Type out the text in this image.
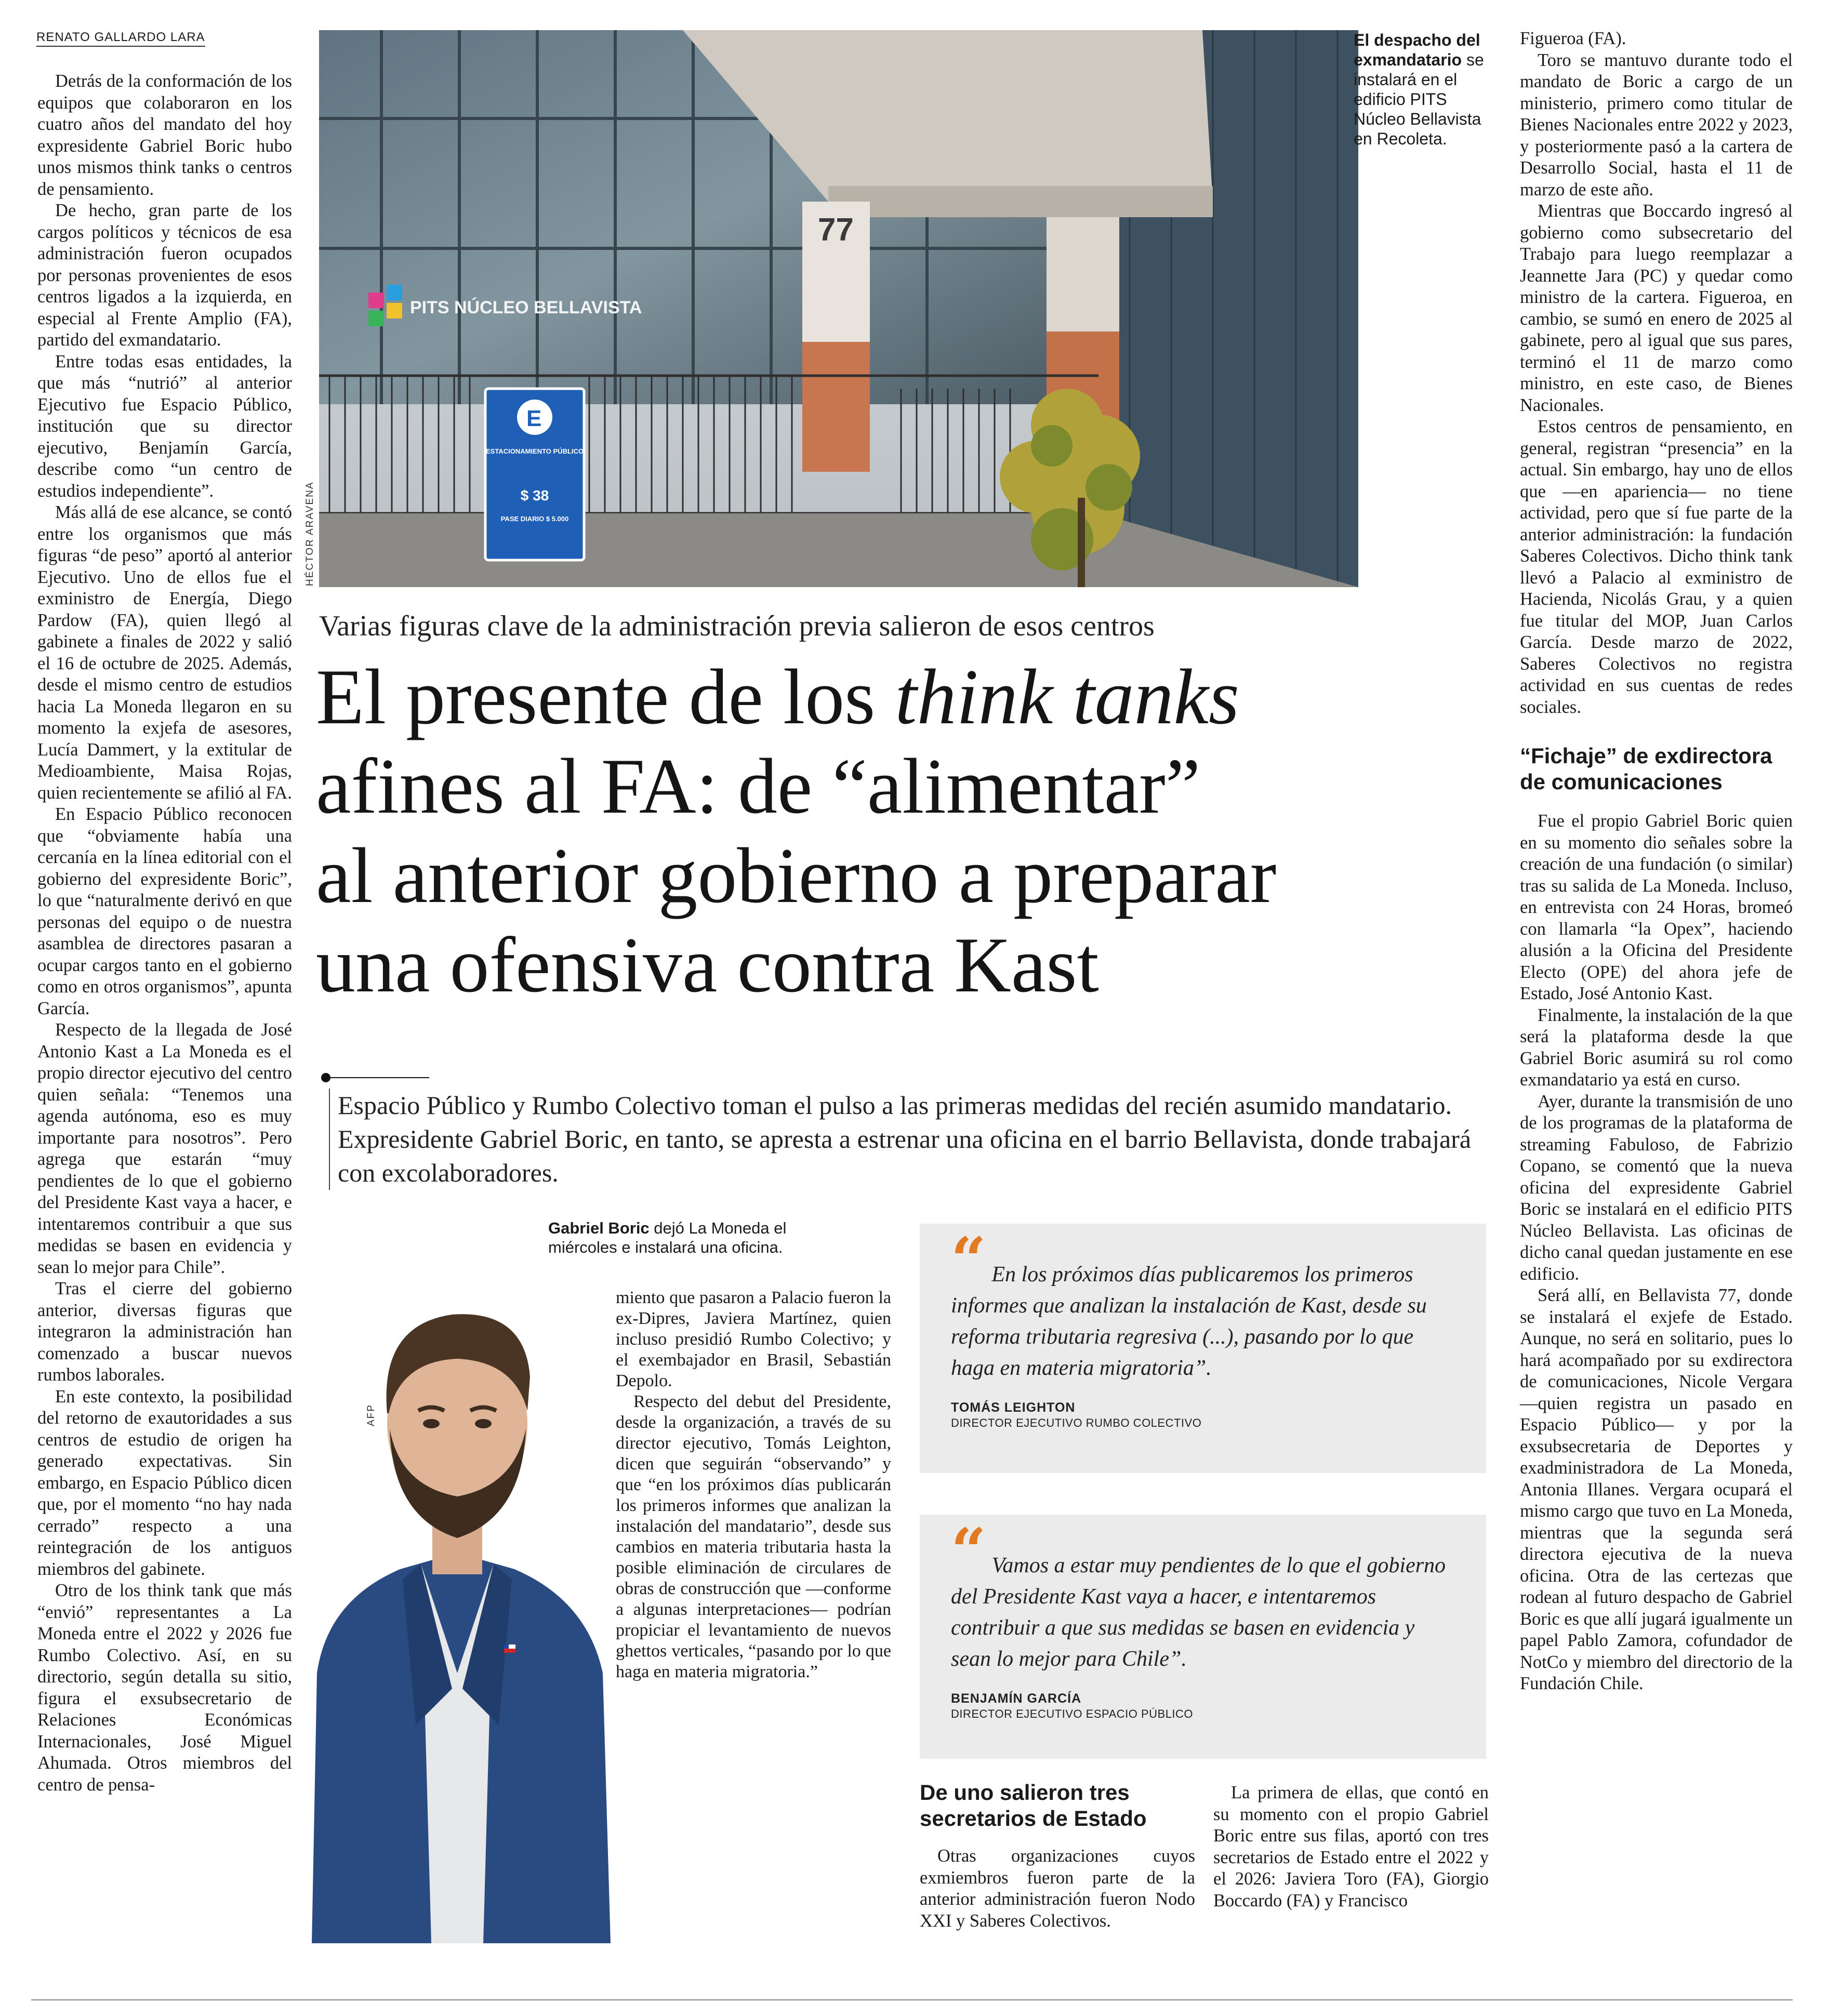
RENATO GALLARDO LARA

Detrás de la conformación de los equipos que colaboraron en los cuatro años del mandato del hoy expresidente Gabriel Boric hubo unos mismos think tanks o centros de pensamiento.

De hecho, gran parte de los cargos políticos y técnicos de esa administración fueron ocupados por personas provenientes de esos centros ligados a la izquierda, en especial al Frente Amplio (FA), partido del exmandatario.

Entre todas esas entidades, la que más “nutrió” al anterior Ejecutivo fue Espacio Público, institución que su director ejecutivo, Benjamín García, describe como “un centro de estudios independiente”.

Más allá de ese alcance, se contó entre los organismos que más figuras “de peso” aportó al anterior Ejecutivo. Uno de ellos fue el exministro de Energía, Diego Pardow (FA), quien llegó al gabinete a finales de 2022 y salió el 16 de octubre de 2025. Además, desde el mismo centro de estudios hacia La Moneda llegaron en su momento la exjefa de asesores, Lucía Dammert, y la extitular de Medioambiente, Maisa Rojas, quien recientemente se afilió al FA.

En Espacio Público reconocen que “obviamente había una cercanía en la línea editorial con el gobierno del expresidente Boric”, lo que “naturalmente derivó en que personas del equipo o de nuestra asamblea de directores pasaran a ocupar cargos tanto en el gobierno como en otros organismos”, apunta García.

Respecto de la llegada de José Antonio Kast a La Moneda es el propio director ejecutivo del centro quien señala: “Tenemos una agenda autónoma, eso es muy importante para nosotros”. Pero agrega que estarán “muy pendientes de lo que el gobierno del Presidente Kast vaya a hacer, e intentaremos contribuir a que sus medidas se basen en evidencia y sean lo mejor para Chile”.

Tras el cierre del gobierno anterior, diversas figuras que integraron la administración han comenzado a buscar nuevos rumbos laborales.

En este contexto, la posibilidad del retorno de exautoridades a sus centros de estudio de origen ha generado expectativas. Sin embargo, en Espacio Público dicen que, por el momento “no hay nada cerrado” respecto a una reintegración de los antiguos miembros del gabinete.

Otro de los think tank que más “envió” representantes a La Moneda entre el 2022 y 2026 fue Rumbo Colectivo. Así, en su directorio, según detalla su sitio, figura el exsubsecretario de Relaciones Económicas Internacionales, José Miguel Ahumada. Otros miembros del centro de pensa-

PITS NÚCLEO BELLAVISTA
77
E
ESTACIONAMIENTO PÚBLICO
$ 38
PASE DIARIO $ 5.000
HÉCTOR ARAVENA
El despacho del exmandatario se instalará en el edificio PITS Núcleo Bellavista en Recoleta.
Varias figuras clave de la administración previa salieron de esos centros
El presente de los think tanks
afines al FA: de “alimentar”
al anterior gobierno a preparar
una ofensiva contra Kast
Espacio Público y Rumbo Colectivo toman el pulso a las primeras medidas del recién asumido mandatario. Expresidente Gabriel Boric, en tanto, se apresta a estrenar una oficina en el barrio Bellavista, donde trabajará con excolaboradores.
AFP
Gabriel Boric dejó La Moneda el miércoles e instalará una oficina.

miento que pasaron a Palacio fueron la ex-Dipres, Javiera Martínez, quien incluso presidió Rumbo Colectivo; y el exembajador en Brasil, Sebastián Depolo.

Respecto del debut del Presidente, desde la organización, a través de su director ejecutivo, Tomás Leighton, dicen que seguirán “observando” y que “en los próximos días publicarán los primeros informes que analizan la instalación del mandatario”, desde sus cambios en materia tributaria hasta la posible eliminación de circulares de obras de construcción que —conforme a algunas interpretaciones— podrían propiciar el levantamiento de nuevos ghettos verticales, “pasando por lo que haga en materia migratoria.”

“ En los próximos días publicaremos los primeros informes que analizan la instalación de Kast, desde su reforma tributaria regresiva (...), pasando por lo que haga en materia migratoria”.
TOMÁS LEIGHTON
DIRECTOR EJECUTIVO RUMBO COLECTIVO
“ Vamos a estar muy pendientes de lo que el gobierno del Presidente Kast vaya a hacer, e intentaremos contribuir a que sus medidas se basen en evidencia y sean lo mejor para Chile”.
BENJAMÍN GARCÍA
DIRECTOR EJECUTIVO ESPACIO PÚBLICO
De uno salieron tres secretarios de Estado

Otras organizaciones cuyos exmiembros fueron parte de la anterior administración fueron Nodo XXI y Saberes Colectivos.

La primera de ellas, que contó en su momento con el propio Gabriel Boric entre sus filas, aportó con tres secretarios de Estado entre el 2022 y el 2026: Javiera Toro (FA), Giorgio Boccardo (FA) y Francisco

Figueroa (FA).

Toro se mantuvo durante todo el mandato de Boric a cargo de un ministerio, primero como titular de Bienes Nacionales entre 2022 y 2023, y posteriormente pasó a la cartera de Desarrollo Social, hasta el 11 de marzo de este año.

Mientras que Boccardo ingresó al gobierno como subsecretario del Trabajo para luego reemplazar a Jeannette Jara (PC) y quedar como ministro de la cartera. Figueroa, en cambio, se sumó en enero de 2025 al gabinete, pero al igual que sus pares, terminó el 11 de marzo como ministro, en este caso, de Bienes Nacionales.

Estos centros de pensamiento, en general, registran “presencia” en la actual. Sin embargo, hay uno de ellos que —en apariencia— no tiene actividad, pero que sí fue parte de la anterior administración: la fundación Saberes Colectivos. Dicho think tank llevó a Palacio al exministro de Hacienda, Nicolás Grau, y a quien fue titular del MOP, Juan Carlos García. Desde marzo de 2022, Saberes Colectivos no registra actividad en sus cuentas de redes sociales.

“Fichaje” de exdirectora de comunicaciones

Fue el propio Gabriel Boric quien en su momento dio señales sobre la creación de una fundación (o similar) tras su salida de La Moneda. Incluso, en entrevista con 24 Horas, bromeó con llamarla “la Opex”, haciendo alusión a la Oficina del Presidente Electo (OPE) del ahora jefe de Estado, José Antonio Kast.

Finalmente, la instalación de la que será la plataforma desde la que Gabriel Boric asumirá su rol como exmandatario ya está en curso.

Ayer, durante la transmisión de uno de los programas de la plataforma de streaming Fabuloso, de Fabrizio Copano, se comentó que la nueva oficina del expresidente Gabriel Boric se instalará en el edificio PITS Núcleo Bellavista. Las oficinas de dicho canal quedan justamente en ese edificio.

Será allí, en Bellavista 77, donde se instalará el exjefe de Estado. Aunque, no será en solitario, pues lo hará acompañado por su exdirectora de comunicaciones, Nicole Vergara —quien registra un pasado en Espacio Público— y por la exsubsecretaria de Deportes y exadministradora de La Moneda, Antonia Illanes. Vergara ocupará el mismo cargo que tuvo en La Moneda, mientras que la segunda será directora ejecutiva de la nueva oficina. Otra de las certezas que rodean al futuro despacho de Gabriel Boric es que allí jugará igualmente un papel Pablo Zamora, cofundador de NotCo y miembro del directorio de la Fundación Chile.
